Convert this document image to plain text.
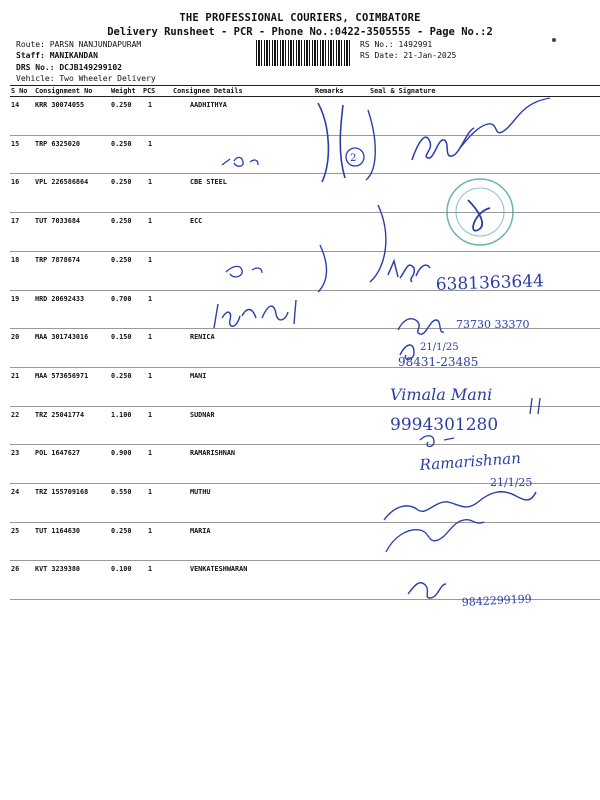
THE PROFESSIONAL COURIERS, COIMBATORE
Delivery Runsheet - PCR - Phone No.:0422-3505555 - Page No.:2
Route: PARSN NANJUNDAPURAM
Staff: MANIKANDAN
DRS No.: DCJB149299102
Vehicle: Two Wheeler Delivery
RS No.: 1492991
RS Date: 21-Jan-2025
S No Consignment No	Weight PCS	Consignee Details	Remarks	Seal & Signature
14 KRR 30074055	0.250 1	AADHITHYA
15 TRP 6325020	0.250 1
16 VPL 226586864	0.250 1	CBE STEEL
17 TUT 7033684	0.250 1	ECC
18 TRP 7878674	0.250 1
19 HRD 20692433	0.700 1
20 MAA 301743016	0.150 1	RENICA
21 MAA 573656971	0.250 1	MANI
22 TRZ 25041774	1.100 1	SUDNAR
23 POL 1647627	0.900 1	RAMARISHNAN
24 TRZ 155709168	0.550 1	MUTHU
25 TUT 1164630	0.250 1	MARIA
26 KVT 3239380	0.100 1	VENKATESHWARAN
2
6381363644
73730 33370
21/1/25
98431-23485
Vimala Mani
9994301280
Ramarishnan
21/1/25
9842299199
